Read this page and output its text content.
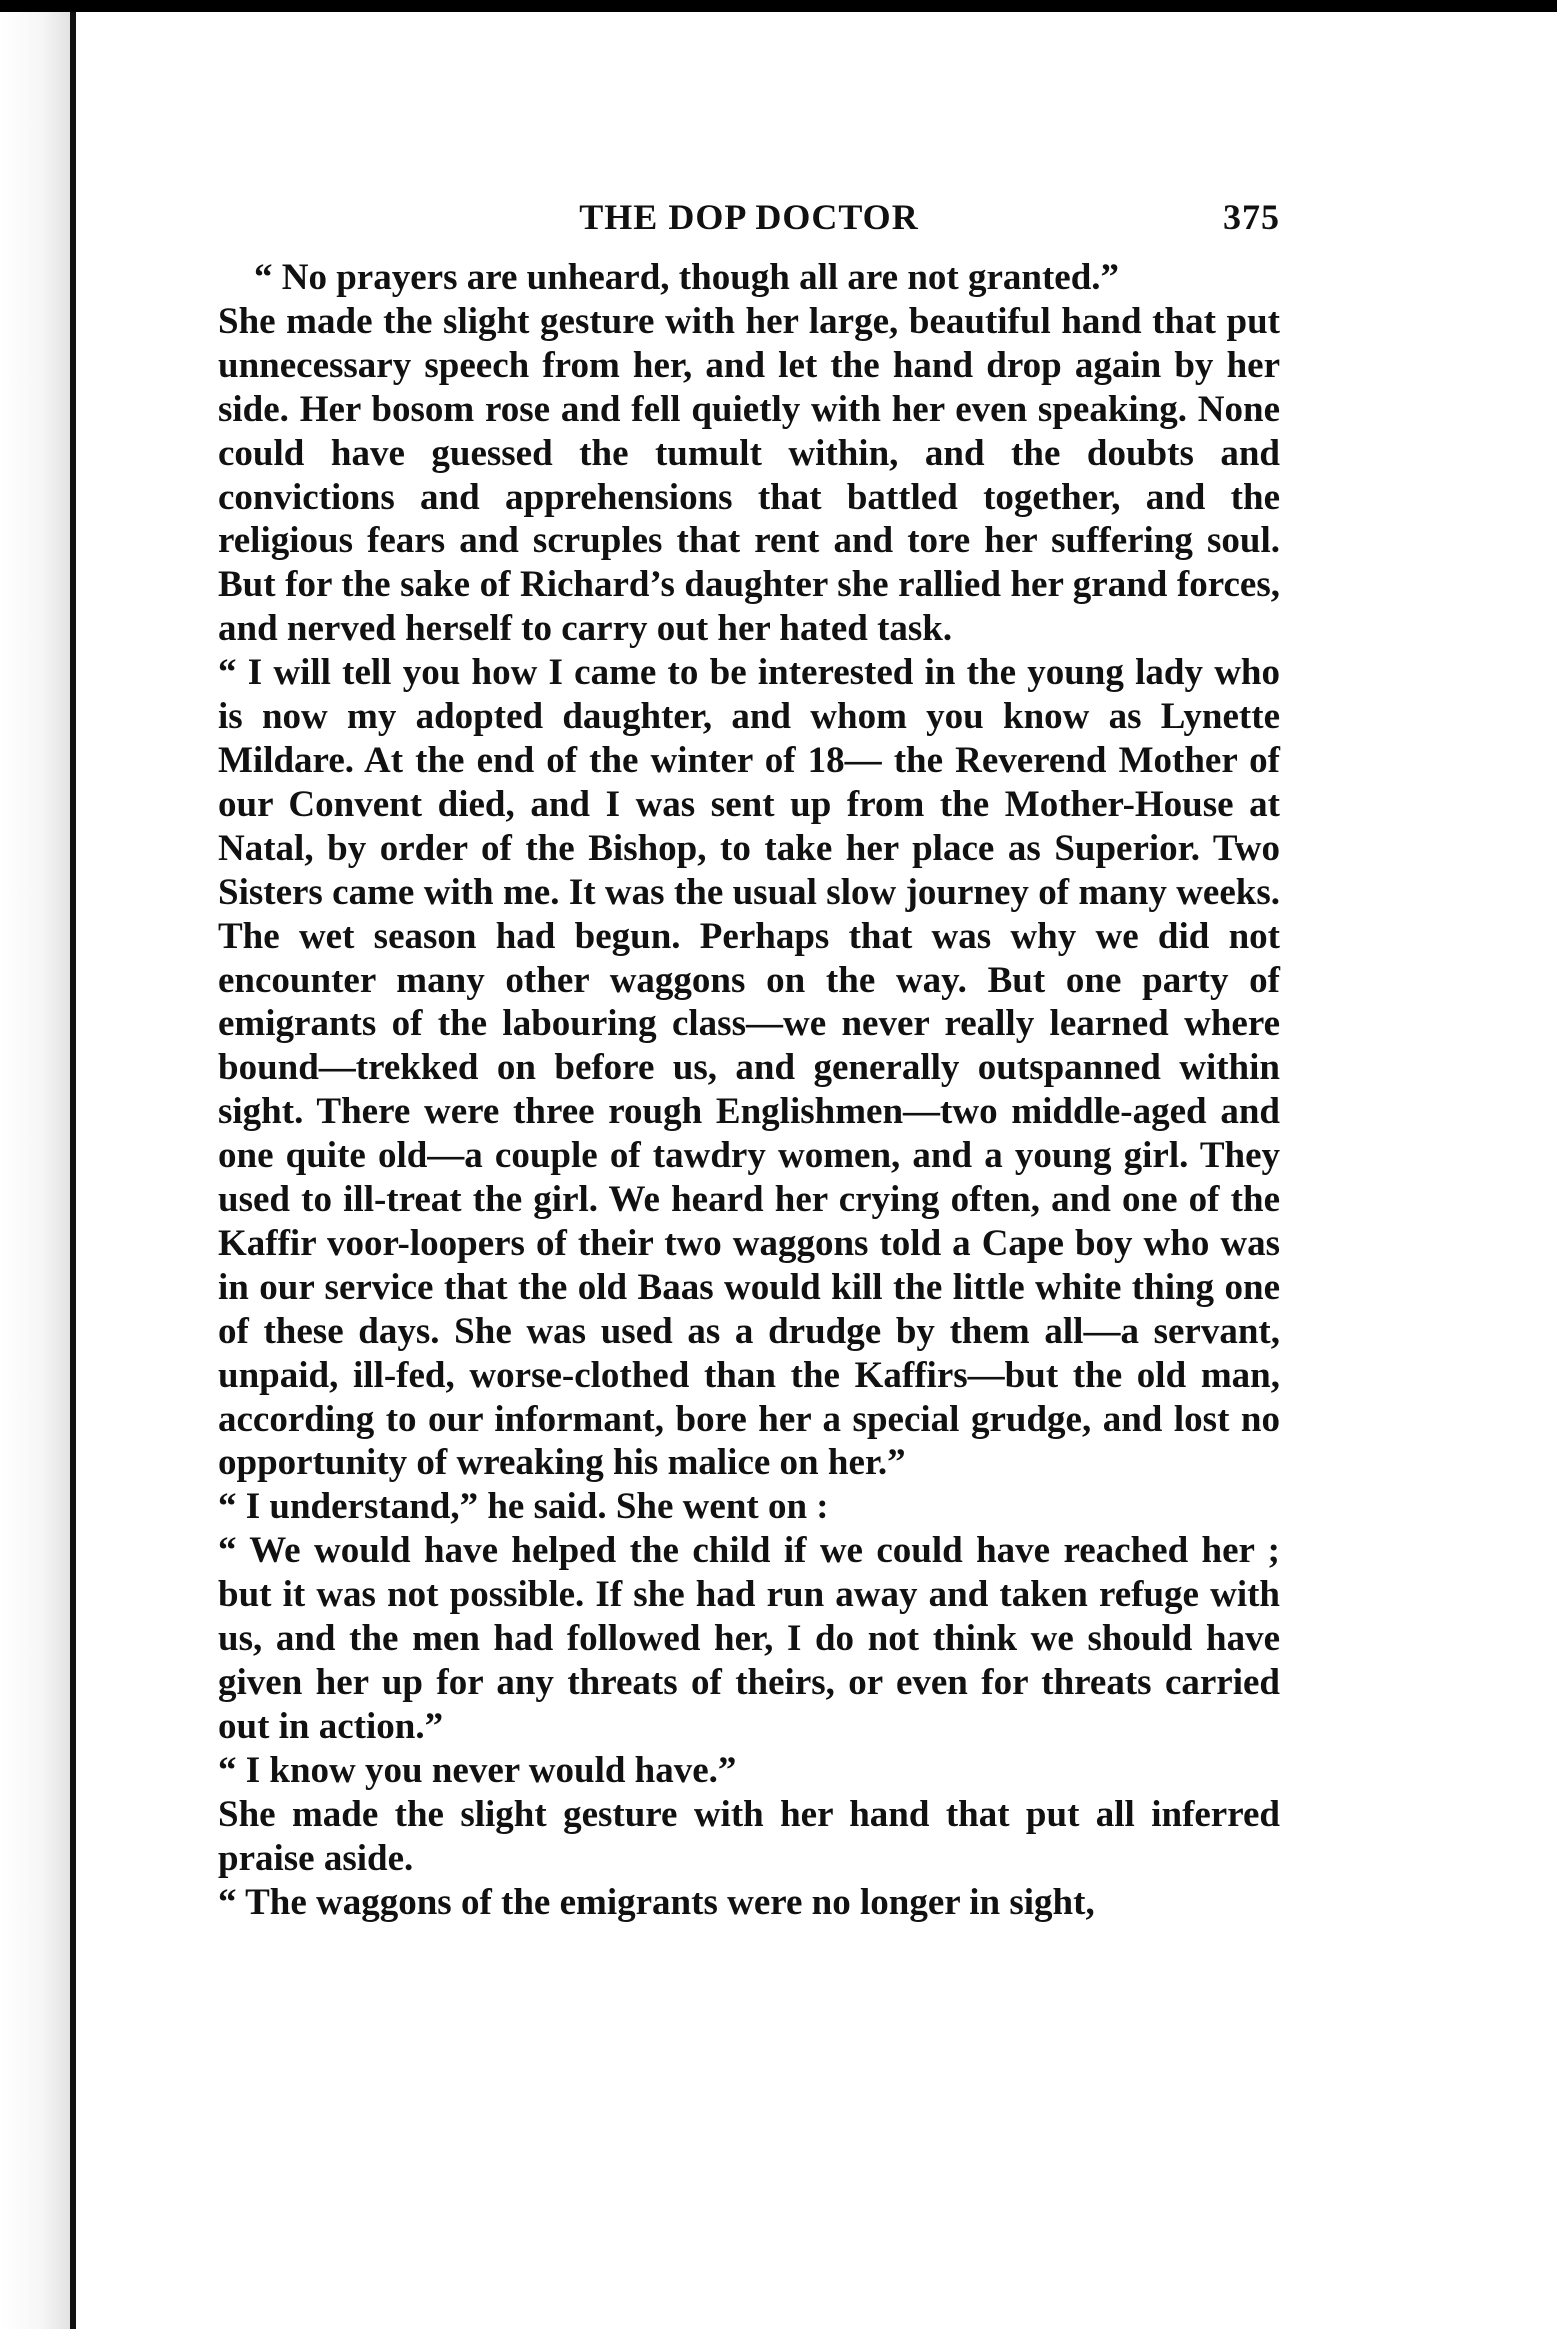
THE DOP DOCTOR	375

“ No prayers are unheard, though all are not granted.”

She made the slight gesture with her large, beautiful hand that put unnecessary speech from her, and let the hand drop again by her side. Her bosom rose and fell quietly with her even speaking. None could have guessed the tumult within, and the doubts and convictions and apprehensions that battled together, and the religious fears and scruples that rent and tore her suffering soul. But for the sake of Richard’s daughter she rallied her grand forces, and nerved herself to carry out her hated task.

“ I will tell you how I came to be interested in the young lady who is now my adopted daughter, and whom you know as Lynette Mildare. At the end of the winter of 18— the Reverend Mother of our Convent died, and I was sent up from the Mother-House at Natal, by order of the Bishop, to take her place as Superior. Two Sisters came with me. It was the usual slow journey of many weeks. The wet season had begun. Perhaps that was why we did not encounter many other waggons on the way. But one party of emigrants of the labouring class—we never really learned where bound—trekked on before us, and generally outspanned within sight. There were three rough Englishmen—two middle-aged and one quite old—a couple of tawdry women, and a young girl. They used to ill-treat the girl. We heard her crying often, and one of the Kaffir voor-loopers of their two waggons told a Cape boy who was in our service that the old Baas would kill the little white thing one of these days. She was used as a drudge by them all—a servant, unpaid, ill-fed, worse-clothed than the Kaffirs—but the old man, according to our informant, bore her a special grudge, and lost no opportunity of wreaking his malice on her.”

“ I understand,” he said. She went on :

“ We would have helped the child if we could have reached her ; but it was not possible. If she had run away and taken refuge with us, and the men had followed her, I do not think we should have given her up for any threats of theirs, or even for threats carried out in action.”

“ I know you never would have.”

She made the slight gesture with her hand that put all inferred praise aside.

“ The waggons of the emigrants were no longer in sight,
